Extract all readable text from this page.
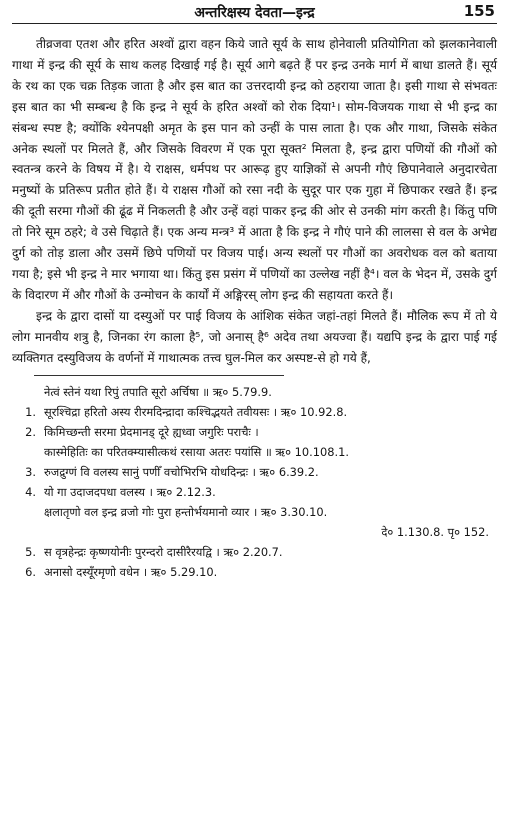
अन्तरिक्षस्य देवता—इन्द्र	155

तीव्रजवा एतश और हरित अश्वों द्वारा वहन किये जाते सूर्य के साथ होनेवाली प्रतियोगिता को झलकानेवाली गाथा में इन्द्र की सूर्य के साथ कलह दिखाई गई है। सूर्य आगे बढ़ते हैं पर इन्द्र उनके मार्ग में बाधा डालते हैं। सूर्य के रथ का एक चक्र तिड़क जाता है और इस बात का उत्तरदायी इन्द्र को ठहराया जाता है। इसी गाथा से संभवतः इस बात का भी सम्बन्ध है कि इन्द्र ने सूर्य के हरित अश्वों को रोक दिया¹। सोम-विजयक गाथा से भी इन्द्र का संबन्ध स्पष्ट है; क्योंकि श्येनपक्षी अमृत के इस पान को उन्हीं के पास लाता है। एक और गाथा, जिसके संकेत अनेक स्थलों पर मिलते हैं, और जिसके विवरण में एक पूरा सूक्त² मिलता है, इन्द्र द्वारा पणियों की गौओं को स्वतन्त्र करने के विषय में है। ये राक्षस, धर्मपथ पर आरूढ़ हुए याज्ञिकों से अपनी गौएं छिपानेवाले अनुदारचेता मनुष्यों के प्रतिरूप प्रतीत होते हैं। ये राक्षस गौओं को रसा नदी के सुदूर पार एक गुहा में छिपाकर रखते हैं। इन्द्र की दूती सरमा गौओं की ढूंढ में निकलती है और उन्हें वहां पाकर इन्द्र की ओर से उनकी मांग करती है। किंतु पणि तो निरे सूम ठहरे; वे उसे चिढ़ाते हैं। एक अन्य मन्त्र³ में आता है कि इन्द्र ने गौएं पाने की लालसा से वल के अभेद्य दुर्ग को तोड़ डाला और उसमें छिपे पणियों पर विजय पाई। अन्य स्थलों पर गौओं का अवरोधक वल को बताया गया है; इसे भी इन्द्र ने मार भगाया था। किंतु इस प्रसंग में पणियों का उल्लेख नहीं है⁴। वल के भेदन में, उसके दुर्ग के विदारण में और गौओं के उन्मोचन के कार्यों में अङ्गिरस् लोग इन्द्र की सहायता करते हैं।

इन्द्र के द्वारा दासों या दस्युओं पर पाई विजय के आंशिक संकेत जहां-तहां मिलते हैं। मौलिक रूप में तो ये लोग मानवीय शत्रु है, जिनका रंग काला है⁵, जो अनास् है⁶ अदेव तथा अयज्वा हैं। यद्यपि इन्द्र के द्वारा पाई गई व्यक्तिगत दस्युविजय के वर्णनों में गाथात्मक तत्त्व घुल-मिल कर अस्पष्ट-से हो गये हैं,

नेत्वं स्तेनं यथा रिपुं तपाति सूरो अर्चिषा ॥ ऋ० 5.79.9.
1. सूरश्चिद्रा हरितो अस्य रीरमदिन्द्रादा कश्चिद्भयते तवीयसः । ऋ० 10.92.8.
2. किमिच्छन्ती सरमा प्रेदमानड् दूरे ह्यध्वा जगुरिः पराचैः ।
कास्मेहितिः का परितक्म्यासीत्कथं रसाया अतरः पयांसि ॥ ऋ० 10.108.1.
3. रुजद्रुग्णं वि वलस्य सानुं पणीँ वचोभिरभि योधदिन्द्रः । ऋ० 6.39.2.
4. यो गा उदाजदपधा वलस्य । ऋ० 2.12.3.
क्षलातृणो वल इन्द्र व्रजो गोः पुरा हन्तोर्भयमानो व्यार । ऋ० 3.30.10.
दे० 1.130.8. पृ० 152.
5. स वृत्रहेन्द्रः कृष्णयोनीः पुरन्दरो दासीरैरयद्वि । ऋ० 2.20.7.
6. अनासो दस्यूँरमृणो वधेन । ऋ० 5.29.10.
